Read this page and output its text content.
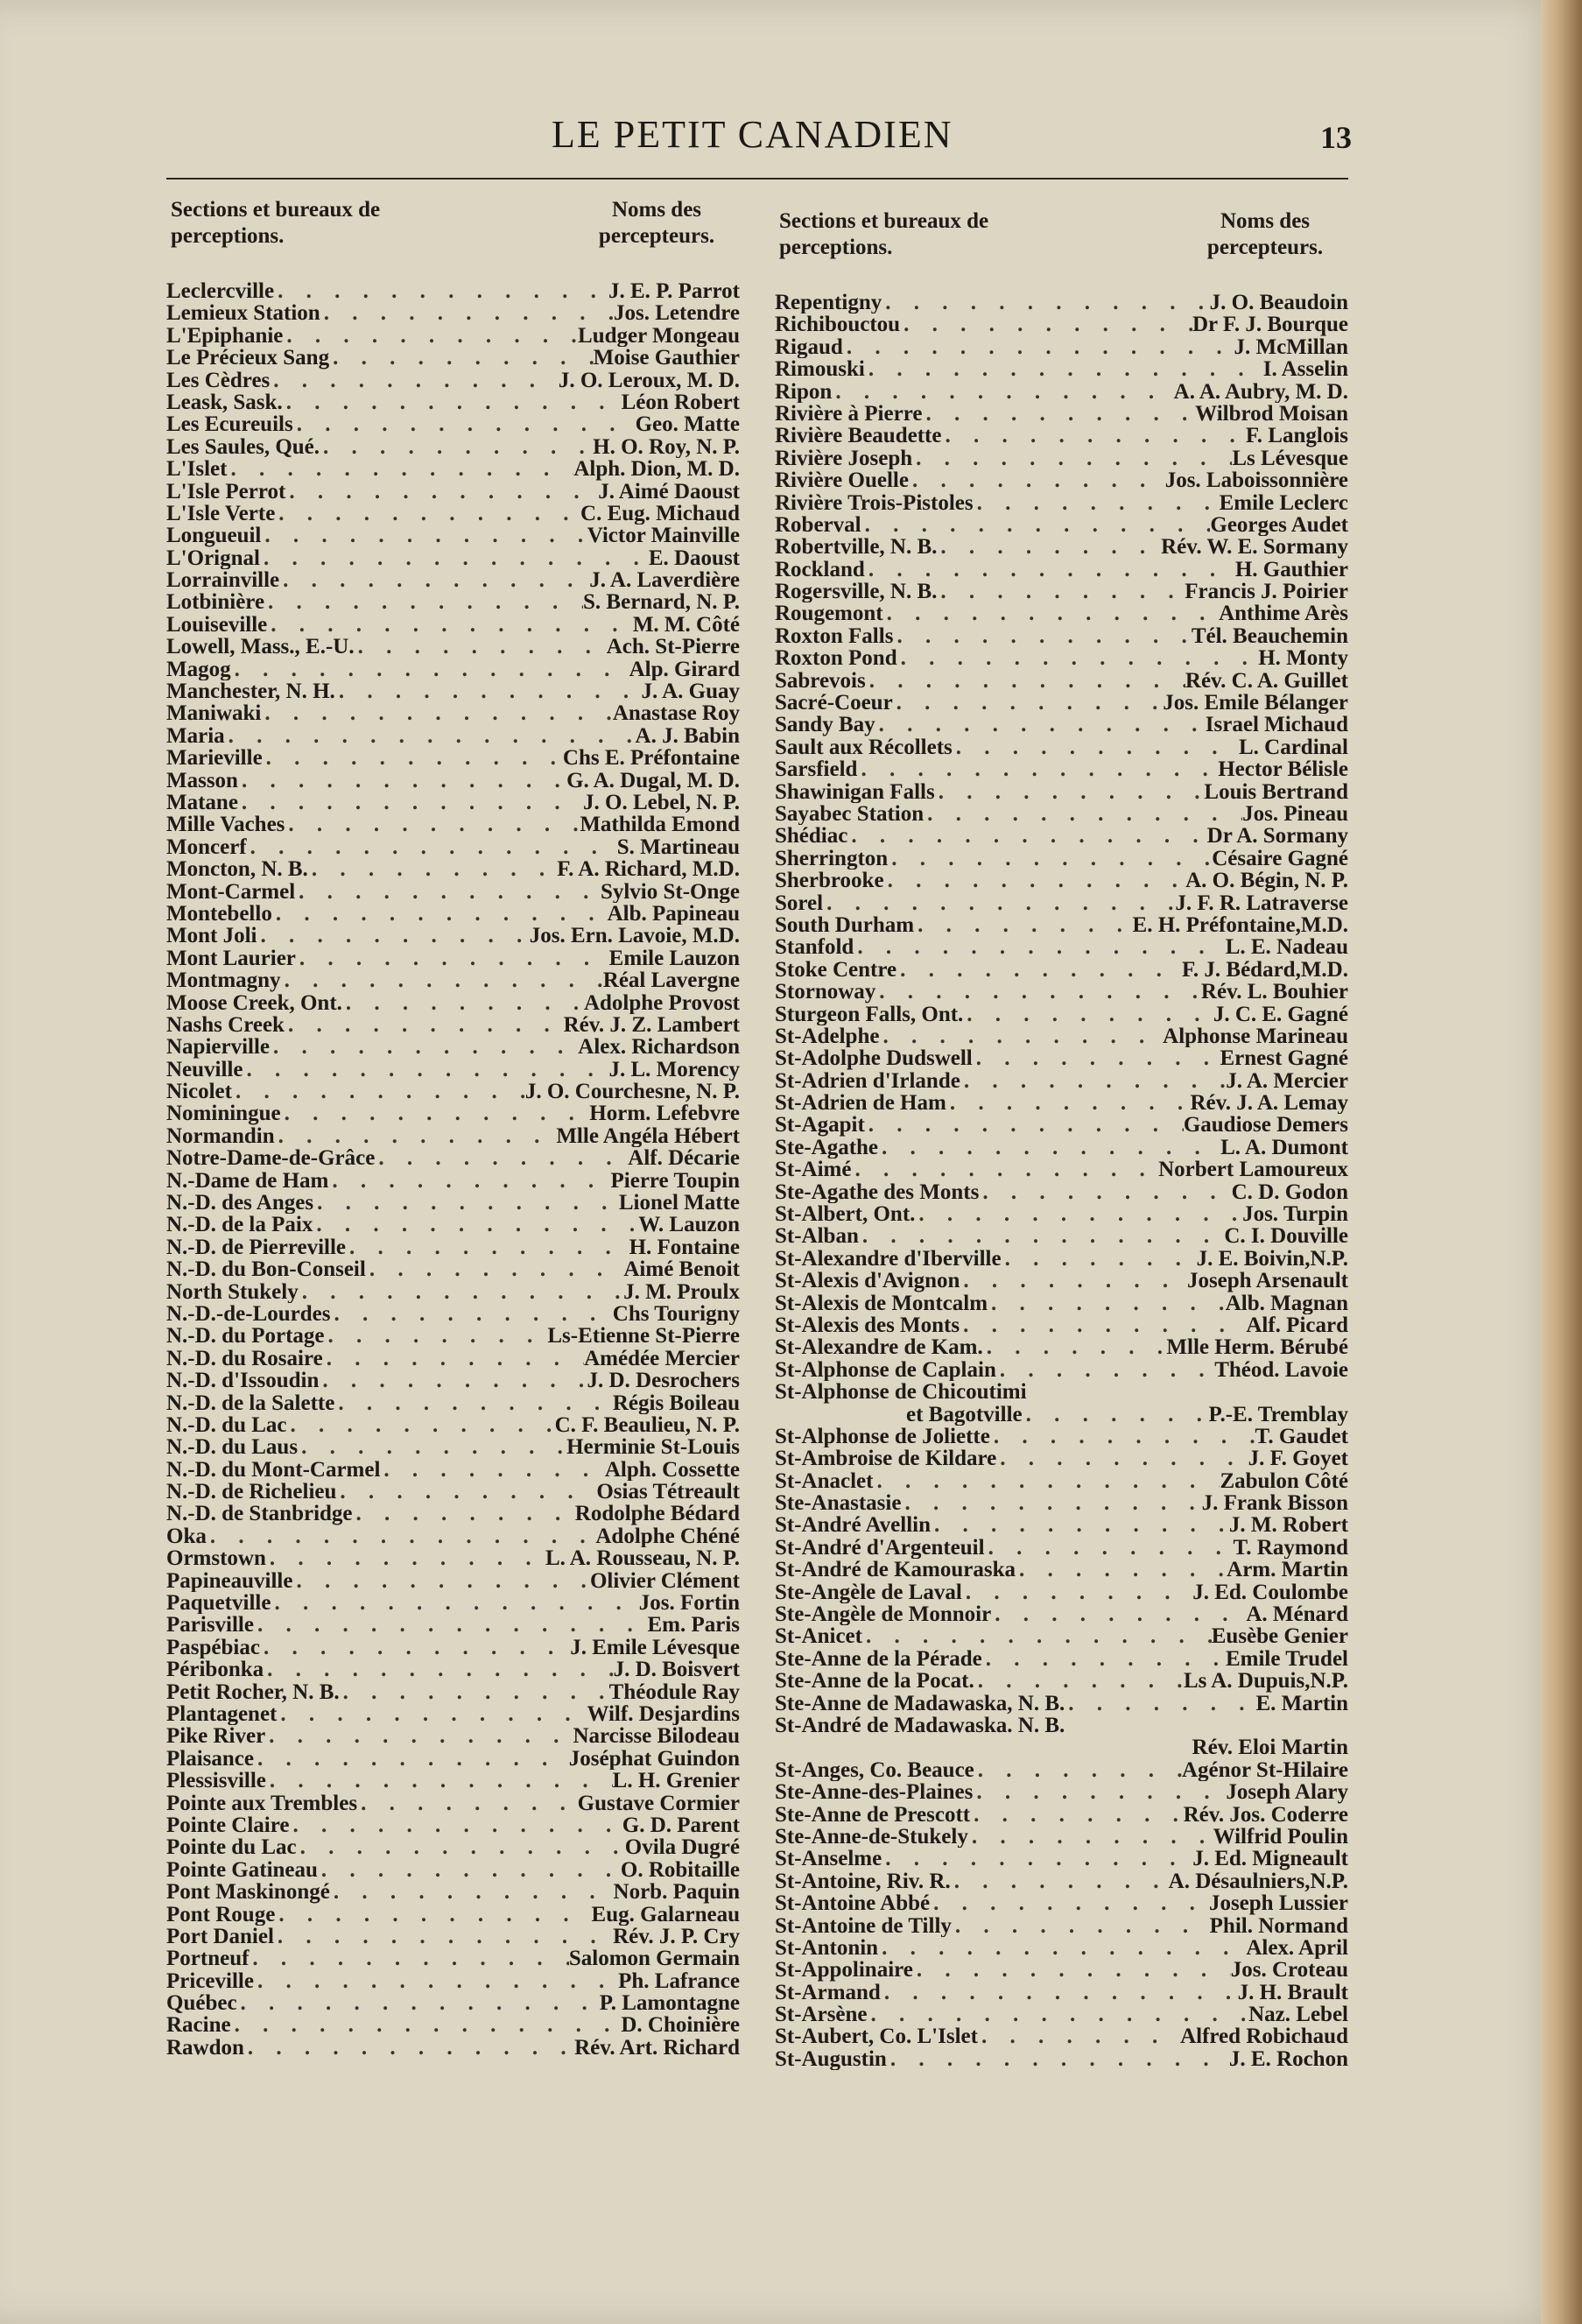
LE PETIT CANADIEN	13
Sections et bureaux de perceptions.
Noms des percepteurs.
Leclercville . . .	J. E. P. Parrot
Lemieux Station . . .	Jos. Letendre
L'Epiphanie . . .	Ludger Mongeau
Le Précieux Sang . . .	Moise Gauthier
Les Cèdres . . .	J. O. Leroux, M. D.
Leask, Sask. . . .	Léon Robert
Les Ecureuils . . .	Geo. Matte
Les Saules, Qué. . . .	H. O. Roy, N. P.
L'Islet . . .	Alph. Dion, M. D.
L'Isle Perrot . . .	J. Aimé Daoust
L'Isle Verte . . .	C. Eug. Michaud
Longueuil . . .	Victor Mainville
L'Orignal . . .	E. Daoust
Lorrainville . . .	J. A. Laverdière
Lotbinière . . .	S. Bernard, N. P.
Louiseville . . .	M. M. Côté
Lowell, Mass., E.-U. . . .	Ach. St-Pierre
Magog . . .	Alp. Girard
Manchester, N. H. . . .	J. A. Guay
Maniwaki . . .	Anastase Roy
Maria . . .	A. J. Babin
Marieville . . .	Chs E. Préfontaine
Masson . . .	G. A. Dugal, M. D.
Matane . . .	J. O. Lebel, N. P.
Mille Vaches . . .	Mathilda Emond
Moncerf . . .	S. Martineau
Moncton, N. B. . . .	F. A. Richard, M.D.
Mont-Carmel . . .	Sylvio St-Onge
Montebello . . .	Alb. Papineau
Mont Joli . . .	Jos. Ern. Lavoie, M.D.
Mont Laurier . . .	Emile Lauzon
Montmagny . . .	Réal Lavergne
Moose Creek, Ont. . . .	Adolphe Provost
Nashs Creek . . .	Rév. J. Z. Lambert
Napierville . . .	Alex. Richardson
Neuville . . .	J. L. Morency
Nicolet . . .	J. O. Courchesne, N. P.
Nominingue . . .	Horm. Lefebvre
Normandin . . .	Mlle Angéla Hébert
Notre-Dame-de-Grâce . . .	Alf. Décarie
N.-Dame de Ham . . .	Pierre Toupin
N.-D. des Anges . . .	Lionel Matte
N.-D. de la Paix . . .	W. Lauzon
N.-D. de Pierreville . . .	H. Fontaine
N.-D. du Bon-Conseil . . .	Aimé Benoit
North Stukely . . .	J. M. Proulx
N.-D.-de-Lourdes . . .	Chs Tourigny
N.-D. du Portage . . .	Ls-Etienne St-Pierre
N.-D. du Rosaire . . .	Amédée Mercier
N.-D. d'Issoudin . . .	J. D. Desrochers
N.-D. de la Salette . . .	Régis Boileau
N.-D. du Lac . . .	C. F. Beaulieu, N. P.
N.-D. du Laus . . .	Herminie St-Louis
N.-D. du Mont-Carmel . . .	Alph. Cossette
N.-D. de Richelieu . . .	Osias Tétreault
N.-D. de Stanbridge . . .	Rodolphe Bédard
Oka . . .	Adolphe Chéné
Ormstown . . .	L. A. Rousseau, N. P.
Papineauville . . .	Olivier Clément
Paquetville . . .	Jos. Fortin
Parisville . . .	Em. Paris
Paspébiac . . .	J. Emile Lévesque
Péribonka . . .	J. D. Boisvert
Petit Rocher, N. B. . . .	Théodule Ray
Plantagenet . . .	Wilf. Desjardins
Pike River . . .	Narcisse Bilodeau
Plaisance . . .	Joséphat Guindon
Plessisville . . .	L. H. Grenier
Pointe aux Trembles . . .	Gustave Cormier
Pointe Claire . . .	G. D. Parent
Pointe du Lac . . .	Ovila Dugré
Pointe Gatineau . . .	O. Robitaille
Pont Maskinongé . . .	Norb. Paquin
Pont Rouge . . .	Eug. Galarneau
Port Daniel . . .	Rév. J. P. Cry
Portneuf . . .	Salomon Germain
Priceville . . .	Ph. Lafrance
Québec . . .	P. Lamontagne
Racine . . .	D. Choinière
Rawdon . . .	Rév. Art. Richard
Sections et bureaux de perceptions.
Noms des percepteurs.
Repentigny . . .	J. O. Beaudoin
Richibouctou . . .	Dr F. J. Bourque
Rigaud . . .	J. McMillan
Rimouski . . .	I. Asselin
Ripon . . .	A. A. Aubry, M. D.
Rivière à Pierre . . .	Wilbrod Moisan
Rivière Beaudette . . .	F. Langlois
Rivière Joseph . . .	Ls Lévesque
Rivière Ouelle . . .	Jos. Laboissonnière
Rivière Trois-Pistoles . . .	Emile Leclerc
Roberval . . .	Georges Audet
Robertville, N. B. . . .	Rév. W. E. Sormany
Rockland . . .	H. Gauthier
Rogersville, N. B. . . .	Francis J. Poirier
Rougemont . . .	Anthime Arès
Roxton Falls . . .	Tél. Beauchemin
Roxton Pond . . .	H. Monty
Sabrevois . . .	Rév. C. A. Guillet
Sacré-Coeur . . .	Jos. Emile Bélanger
Sandy Bay . . .	Israel Michaud
Sault aux Récollets . . .	L. Cardinal
Sarsfield . . .	Hector Bélisle
Shawinigan Falls . . .	Louis Bertrand
Sayabec Station . . .	Jos. Pineau
Shédiac . . .	Dr A. Sormany
Sherrington . . .	Césaire Gagné
Sherbrooke . . .	A. O. Bégin, N. P.
Sorel . . .	J. F. R. Latraverse
South Durham . . .	E. H. Préfontaine,M.D.
Stanfold . . .	L. E. Nadeau
Stoke Centre . . .	F. J. Bédard,M.D.
Stornoway . . .	Rév. L. Bouhier
Sturgeon Falls, Ont. . . .	J. C. E. Gagné
St-Adelphe . . .	Alphonse Marineau
St-Adolphe Dudswell . . .	Ernest Gagné
St-Adrien d'Irlande . . .	J. A. Mercier
St-Adrien de Ham . . .	Rév. J. A. Lemay
St-Agapit . . .	Gaudiose Demers
Ste-Agathe . . .	L. A. Dumont
St-Aimé . . .	Norbert Lamoureux
Ste-Agathe des Monts . . .	C. D. Godon
St-Albert, Ont. . . .	Jos. Turpin
St-Alban . . .	C. I. Douville
St-Alexandre d'Iberville . . .	J. E. Boivin,N.P.
St-Alexis d'Avignon . . .	Joseph Arsenault
St-Alexis de Montcalm . . .	Alb. Magnan
St-Alexis des Monts . . .	Alf. Picard
St-Alexandre de Kam. . . .	Mlle Herm. Bérubé
St-Alphonse de Caplain . . .	Théod. Lavoie
St-Alphonse de Chicoutimi
et Bagotville . . .	P.-E. Tremblay
St-Alphonse de Joliette . . .	T. Gaudet
St-Ambroise de Kildare . . .	J. F. Goyet
St-Anaclet . . .	Zabulon Côté
Ste-Anastasie . . .	J. Frank Bisson
St-André Avellin . . .	J. M. Robert
St-André d'Argenteuil . . .	T. Raymond
St-André de Kamouraska . . .	Arm. Martin
Ste-Angèle de Laval . . .	J. Ed. Coulombe
Ste-Angèle de Monnoir . . .	A. Ménard
St-Anicet . . .	Eusèbe Genier
Ste-Anne de la Pérade . . .	Emile Trudel
Ste-Anne de la Pocat. . . .	Ls A. Dupuis,N.P.
Ste-Anne de Madawaska, N. B. . . .	E. Martin
St-André de Madawaska. N. B.
Rév. Eloi Martin
St-Anges, Co. Beauce . . .	Agénor St-Hilaire
Ste-Anne-des-Plaines . . .	Joseph Alary
Ste-Anne de Prescott . . .	Rév. Jos. Coderre
Ste-Anne-de-Stukely . . .	Wilfrid Poulin
St-Anselme . . .	J. Ed. Migneault
St-Antoine, Riv. R. . . .	A. Désaulniers,N.P.
St-Antoine Abbé . . .	Joseph Lussier
St-Antoine de Tilly . . .	Phil. Normand
St-Antonin . . .	Alex. April
St-Appolinaire . . .	Jos. Croteau
St-Armand . . .	J. H. Brault
St-Arsène . . .	Naz. Lebel
St-Aubert, Co. L'Islet . . .	Alfred Robichaud
St-Augustin . . .	J. E. Rochon
